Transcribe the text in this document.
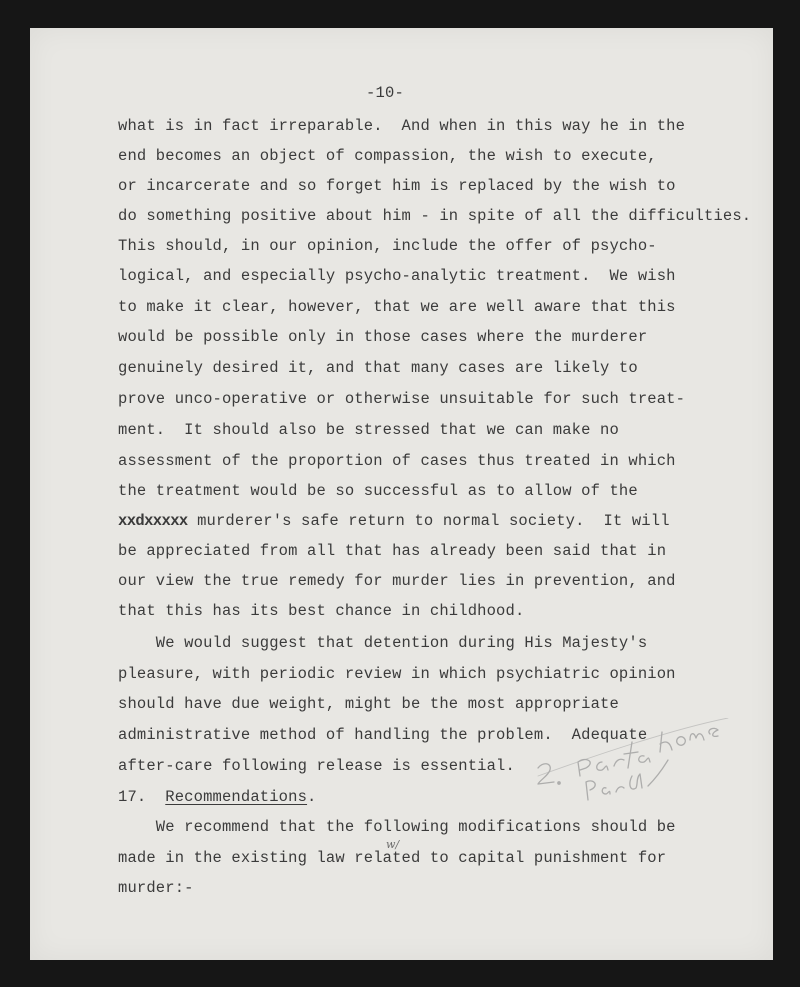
-10-
what is in fact irreparable.  And when in this way he in the
end becomes an object of compassion, the wish to execute,
or incarcerate and so forget him is replaced by the wish to
do something positive about him - in spite of all the difficulties.
This should, in our opinion, include the offer of psycho-
logical, and especially psycho-analytic treatment.  We wish
to make it clear, however, that we are well aware that this
would be possible only in those cases where the murderer
genuinely desired it, and that many cases are likely to
prove unco-operative or otherwise unsuitable for such treat-
ment.  It should also be stressed that we can make no
assessment of the proportion of cases thus treated in which
the treatment would be so successful as to allow of the
xxdxxxxx murderer's safe return to normal society.  It will
be appreciated from all that has already been said that in
our view the true remedy for murder lies in prevention, and
that this has its best chance in childhood.
We would suggest that detention during His Majesty's
pleasure, with periodic review in which psychiatric opinion
should have due weight, might be the most appropriate
administrative method of handling the problem.  Adequate
after-care following release is essential.
17. Recommendations.
We recommend that the following modifications should be
w/
made in the existing law related to capital punishment for
murder:-
